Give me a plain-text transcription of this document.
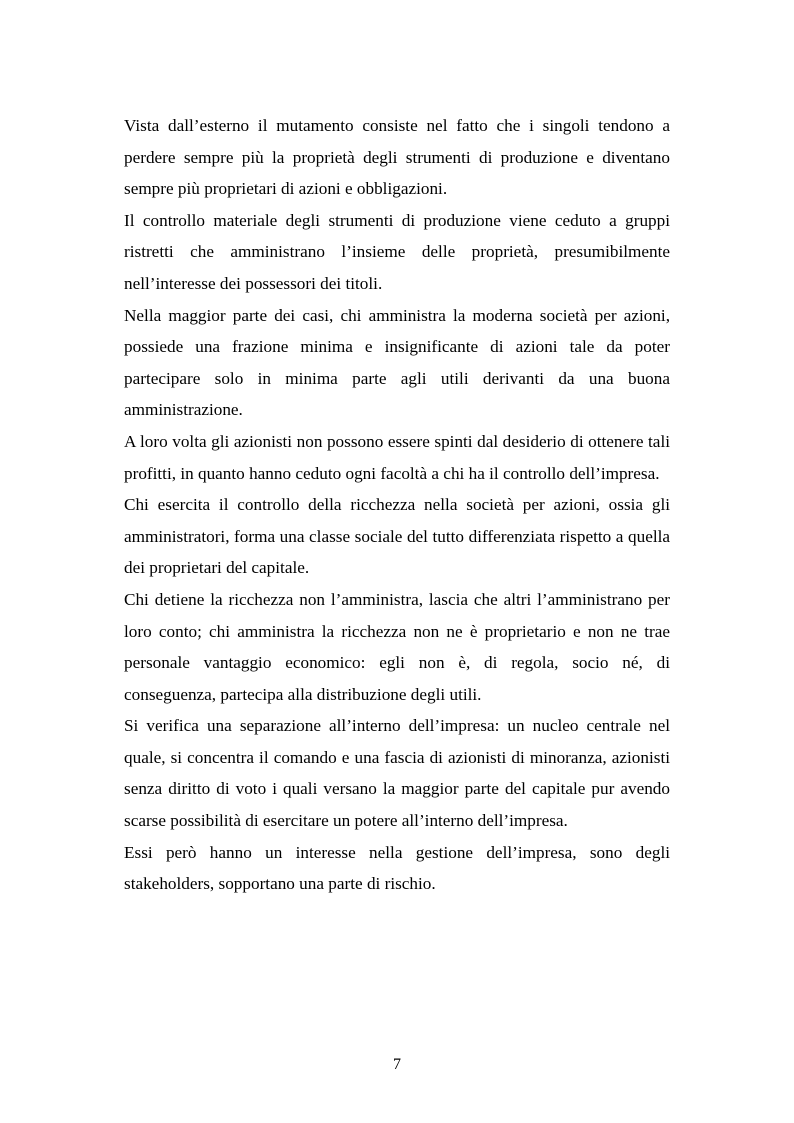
Vista dall’esterno il mutamento consiste nel fatto che i singoli tendono a perdere sempre più la proprietà degli strumenti di produzione e diventano sempre più proprietari di azioni e obbligazioni.

Il controllo materiale degli strumenti di produzione viene ceduto a gruppi ristretti che amministrano l’insieme delle proprietà, presumibilmente nell’interesse dei possessori dei titoli.

Nella maggior parte dei casi, chi amministra la moderna società per azioni, possiede una frazione minima e insignificante di azioni tale da poter partecipare solo in minima parte agli utili derivanti da una buona amministrazione.

A loro volta gli azionisti non possono essere spinti dal desiderio di ottenere tali profitti, in quanto hanno ceduto ogni facoltà a chi ha il controllo dell’impresa.

Chi esercita il controllo della ricchezza nella società per azioni, ossia gli amministratori, forma una classe sociale del tutto differenziata rispetto a quella dei proprietari del capitale.

Chi detiene la ricchezza non l’amministra, lascia che altri l’amministrano per loro conto; chi amministra la ricchezza non ne è proprietario e non ne trae personale vantaggio economico: egli non è, di regola, socio né, di conseguenza, partecipa alla distribuzione degli utili.

Si verifica una separazione all’interno dell’impresa: un nucleo centrale nel quale, si concentra il comando e una fascia di azionisti di minoranza, azionisti senza diritto di voto i quali versano la maggior parte del capitale pur avendo scarse possibilità di esercitare un potere all’interno dell’impresa.

Essi però hanno un interesse nella gestione dell’impresa, sono degli stakeholders, sopportano una parte di rischio.

7
